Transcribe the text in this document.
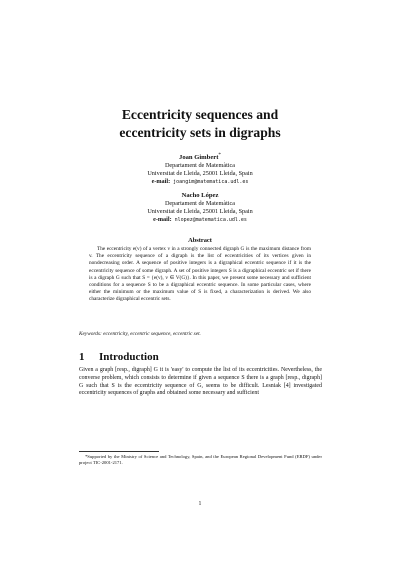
Eccentricity sequences and
eccentricity sets in digraphs
Joan Gimbert*
Departament de Matemàtica
Universitat de Lleida, 25001 Lleida, Spain
e-mail: joangim@matematica.udl.es
Nacho López
Departament de Matemàtica
Universitat de Lleida, 25001 Lleida, Spain
e-mail: nlopez@matematica.udl.es
Abstract
The eccentricity e(v) of a vertex v in a strongly connected digraph G is the maximum distance from v. The eccentricity sequence of a digraph is the list of eccentricities of its vertices given in nondecreasing order. A sequence of positive integers is a digraphical eccentric sequence if it is the eccentricity sequence of some digraph. A set of positive integers S is a digraphical eccentric set if there is a digraph G such that S = {e(v), v ∈ V(G)}. In this paper, we present some necessary and sufficient conditions for a sequence S to be a digraphical eccentric sequence. In some particular cases, where either the minimum or the maximum value of S is fixed, a characterization is derived. We also characterize digraphical eccentric sets.
Keywords: eccentricity, eccentric sequence, eccentric set.
1 Introduction
Given a graph [resp., digraph] G it is 'easy' to compute the list of its eccentricities. Nevertheless, the converse problem, which consists to determine if given a sequence S there is a graph [resp., digraph] G such that S is the eccentricity sequence of G, seems to be difficult. Lesniak [4] investigated eccentricity sequences of graphs and obtained some necessary and sufficient
*Supported by the Ministry of Science and Technology, Spain, and the European Regional Development Fund (ERDF) under project TIC-2001-2171.
1
